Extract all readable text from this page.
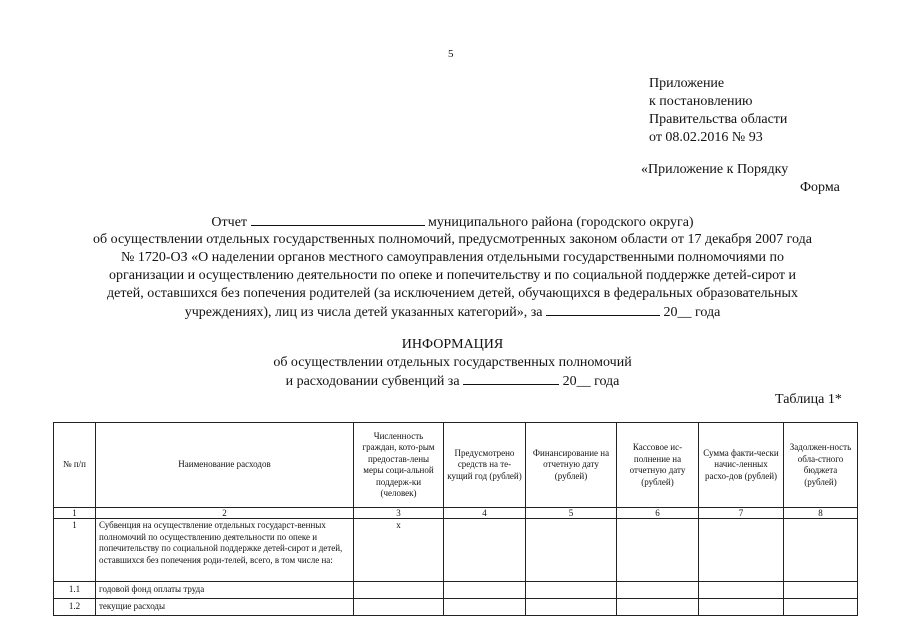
5
Приложение
к постановлению
Правительства области
от 08.02.2016 № 93
«Приложение к Порядку
Форма
Отчет	муниципального района (городского округа)
об осуществлении отдельных государственных полномочий, предусмотренных законом области от 17 декабря 2007 года
№ 1720-ОЗ «О наделении органов местного самоуправления отдельными государственными полномочиями по
организации и осуществлению деятельности по опеке и попечительству и по социальной поддержке детей-сирот и
детей, оставшихся без попечения родителей (за исключением детей, обучающихся в федеральных образовательных
учреждениях), лиц из числа детей указанных категорий», за	20__ года
ИНФОРМАЦИЯ
об осуществлении отдельных государственных полномочий
и расходовании субвенций за	20__ года
Таблица 1*
№ п/п	Наименование расходов	Численность граждан, кото-рым предостав-лены меры соци-альной поддерж-ки (человек)	Предусмотрено средств на те-кущий год (рублей)	Финансирование на отчетную дату (рублей)	Кассовое ис-полнение на отчетную дату (рублей)	Сумма факти-чески начис-ленных расхо-дов (рублей)	Задолжен-ность обла-стного бюджета (рублей)
1	2	3	4	5	6	7	8
1	Субвенция на осуществление отдельных государст-венных полномочий по осуществлению деятельности по опеке и попечительству по социальной поддержке детей-сирот и детей, оставшихся без попечения роди-телей, всего, в том числе на:	х					
1.1	годовой фонд оплаты труда						
1.2	текущие расходы						
